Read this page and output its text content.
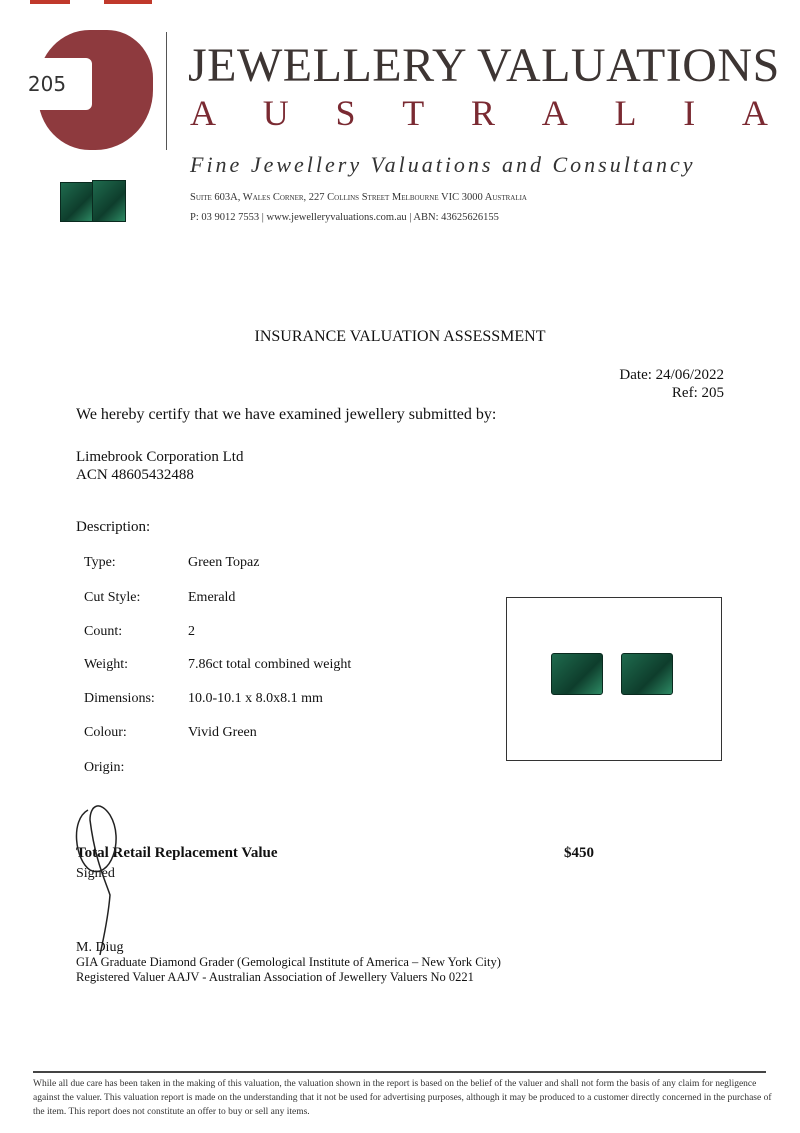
205	JEWELLERY VALUATIONS
A U S T R A L I A
Fine Jewellery Valuations and Consultancy
Suite 603A, Wales Corner, 227 Collins Street Melbourne VIC 3000 Australia
P: 03 9012 7553 | www.jewelleryvaluations.com.au | ABN: 43625626155
INSURANCE VALUATION ASSESSMENT
Date: 24/06/2022
Ref: 205
We hereby certify that we have examined jewellery submitted by:
Limebrook Corporation Ltd
ACN 48605432488
Description:
Type:	Green Topaz
Cut Style:	Emerald
Count:	2
Weight:	7.86ct total combined weight
Dimensions: 10.0-10.1 x 8.0x8.1 mm
Colour:	Vivid Green
Origin:
Total Retail Replacement Value	$450
Signed
M. Diug
GIA Graduate Diamond Grader (Gemological Institute of America – New York City)
Registered Valuer AAJV - Australian Association of Jewellery Valuers No 0221
While all due care has been taken in the making of this valuation, the valuation shown in the report is based on the belief of the valuer and shall not form the basis of any claim for negligence against the valuer. This valuation report is made on the understanding that it not be used for advertising purposes, although it may be produced to a customer directly concerned in the purchase of the item. This report does not constitute an offer to buy or sell any items.
